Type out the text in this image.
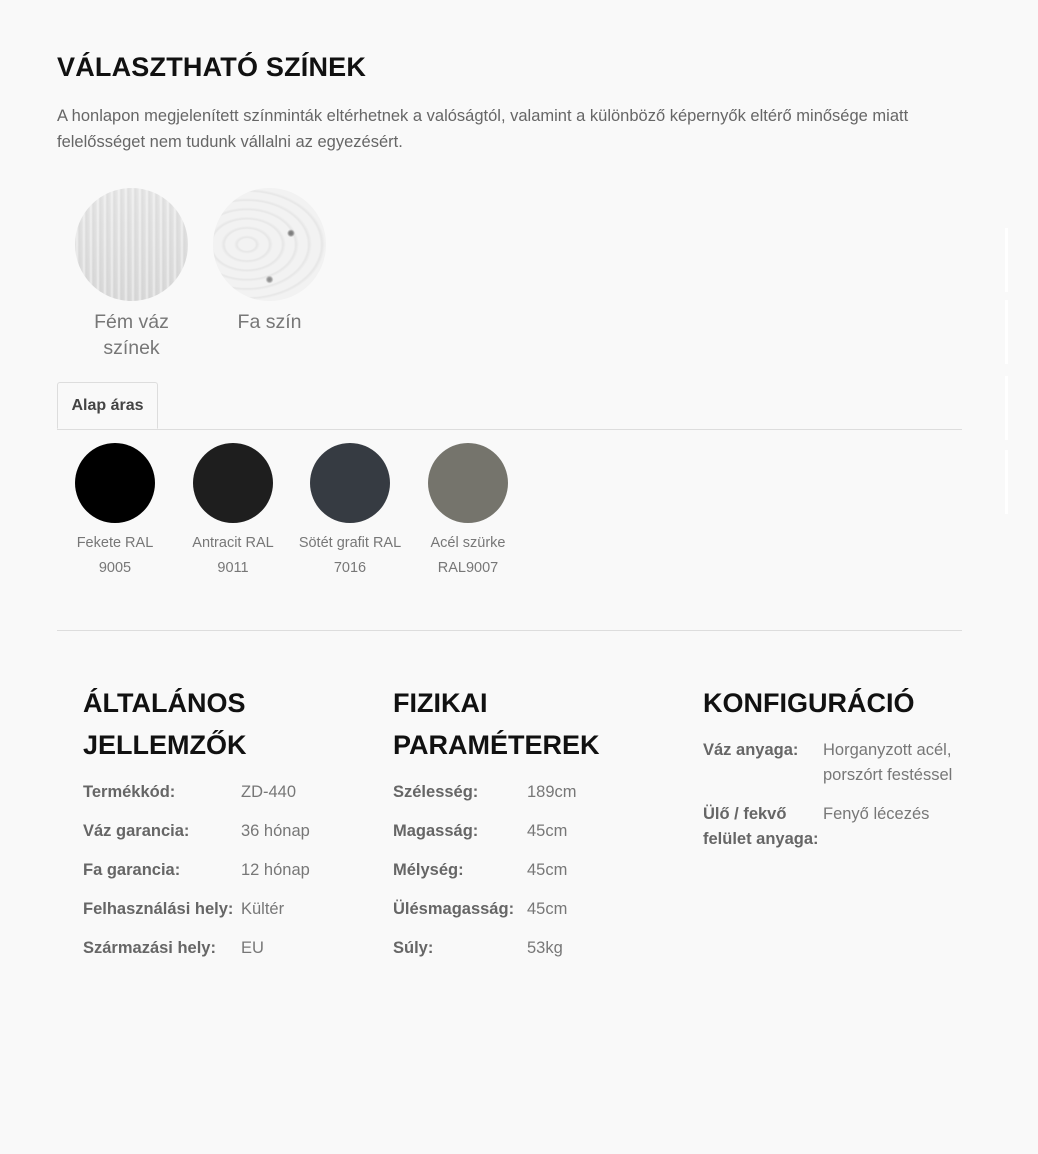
VÁLASZTHATÓ SZÍNEK

A honlapon megjelenített színminták eltérhetnek a valóságtól, valamint a különböző képernyők eltérő minősége miatt felelősséget nem tudunk vállalni az egyezésért.

Fém váz színek
Fa szín
Alap áras
Fekete RAL
9005
Antracit RAL
9011
Sötét grafit RAL
7016
Acél szürke
RAL9007
ÁLTALÁNOS
JELLEMZŐK
Termékkód:	ZD-440
Váz garancia:	36 hónap
Fa garancia:	12 hónap
Felhasználási hely: Kültér
Származási hely:	EU
FIZIKAI
PARAMÉTEREK
Szélesség:	189cm
Magasság:	45cm
Mélység:	45cm
Ülésmagasság: 45cm
Súly:	53kg
KONFIGURÁCIÓ
Váz anyaga:	Horganyzott acél, porszórt festéssel
Ülő / fekvő felület anyaga:
Fenyő lécezés
